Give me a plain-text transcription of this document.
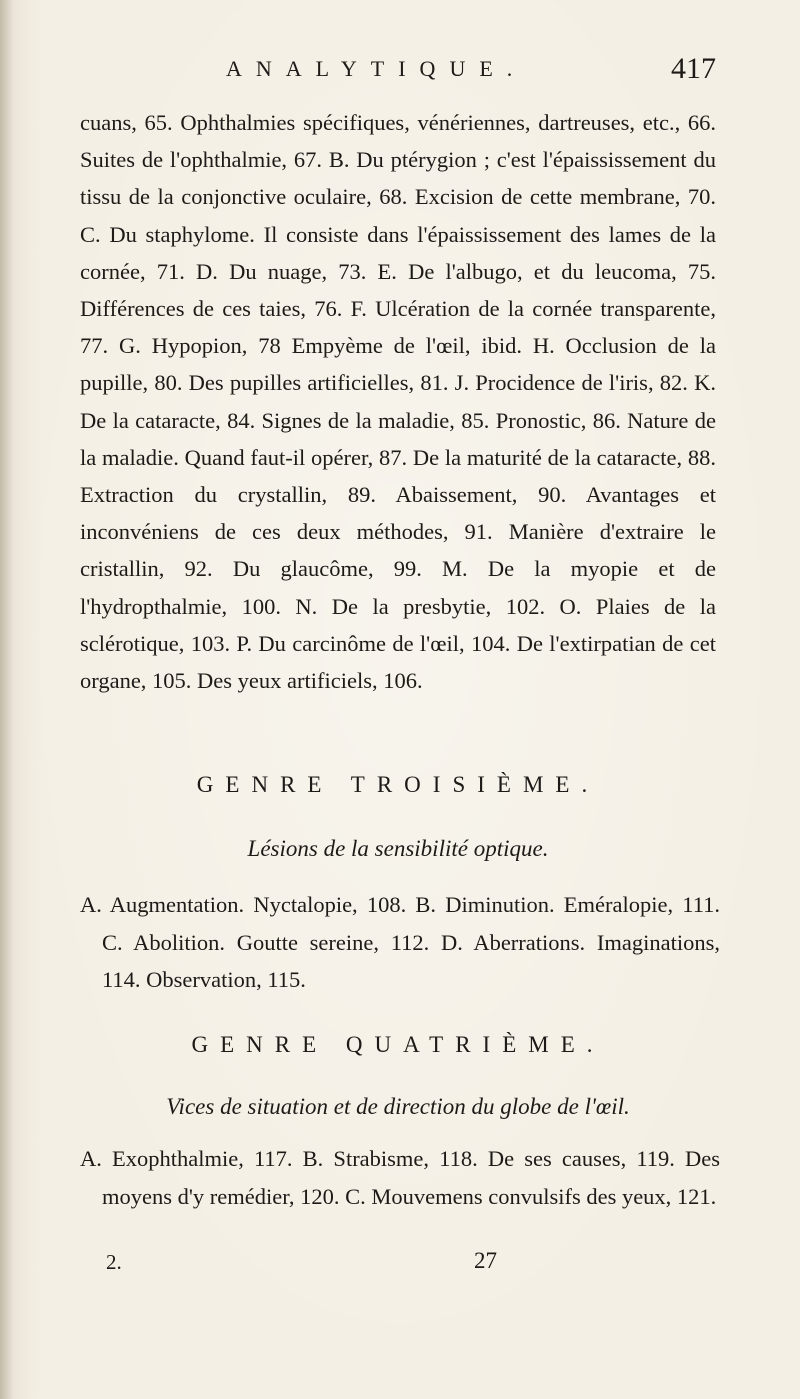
ANALYTIQUE.	417

cuans, 65. Ophthalmies spécifiques, vénériennes, dartreuses, etc., 66. Suites de l'ophthalmie, 67. B. Du ptérygion ; c'est l'épaississement du tissu de la conjonctive oculaire, 68. Excision de cette membrane, 70. C. Du staphylome. Il consiste dans l'épaississement des lames de la cornée, 71. D. Du nuage, 73. E. De l'albugo, et du leucoma, 75. Différences de ces taies, 76. F. Ulcération de la cornée transparente, 77. G. Hypopion, 78 Empyème de l'œil, ibid. H. Occlusion de la pupille, 80. Des pupilles artificielles, 81. J. Procidence de l'iris, 82. K. De la cataracte, 84. Signes de la maladie, 85. Pronostic, 86. Nature de la maladie. Quand faut-il opérer, 87. De la maturité de la cataracte, 88. Extraction du crystallin, 89. Abaissement, 90. Avantages et inconvéniens de ces deux méthodes, 91. Manière d'extraire le cristallin, 92. Du glaucôme, 99. M. De la myopie et de l'hydropthalmie, 100. N. De la presbytie, 102. O. Plaies de la sclérotique, 103. P. Du carcinôme de l'œil, 104. De l'extirpatian de cet organe, 105. Des yeux artificiels, 106.

GENRE TROISIÈME.
Lésions de la sensibilité optique.
A. Augmentation. Nyctalopie, 108. B. Diminution. Eméralopie, 111. C. Abolition. Goutte sereine, 112. D. Aberrations. Imaginations, 114. Observation, 115.
GENRE QUATRIÈME.
Vices de situation et de direction du globe de l'œil.
A. Exophthalmie, 117. B. Strabisme, 118. De ses causes, 119. Des moyens d'y remédier, 120. C. Mouvemens convulsifs des yeux, 121.
2.	27
